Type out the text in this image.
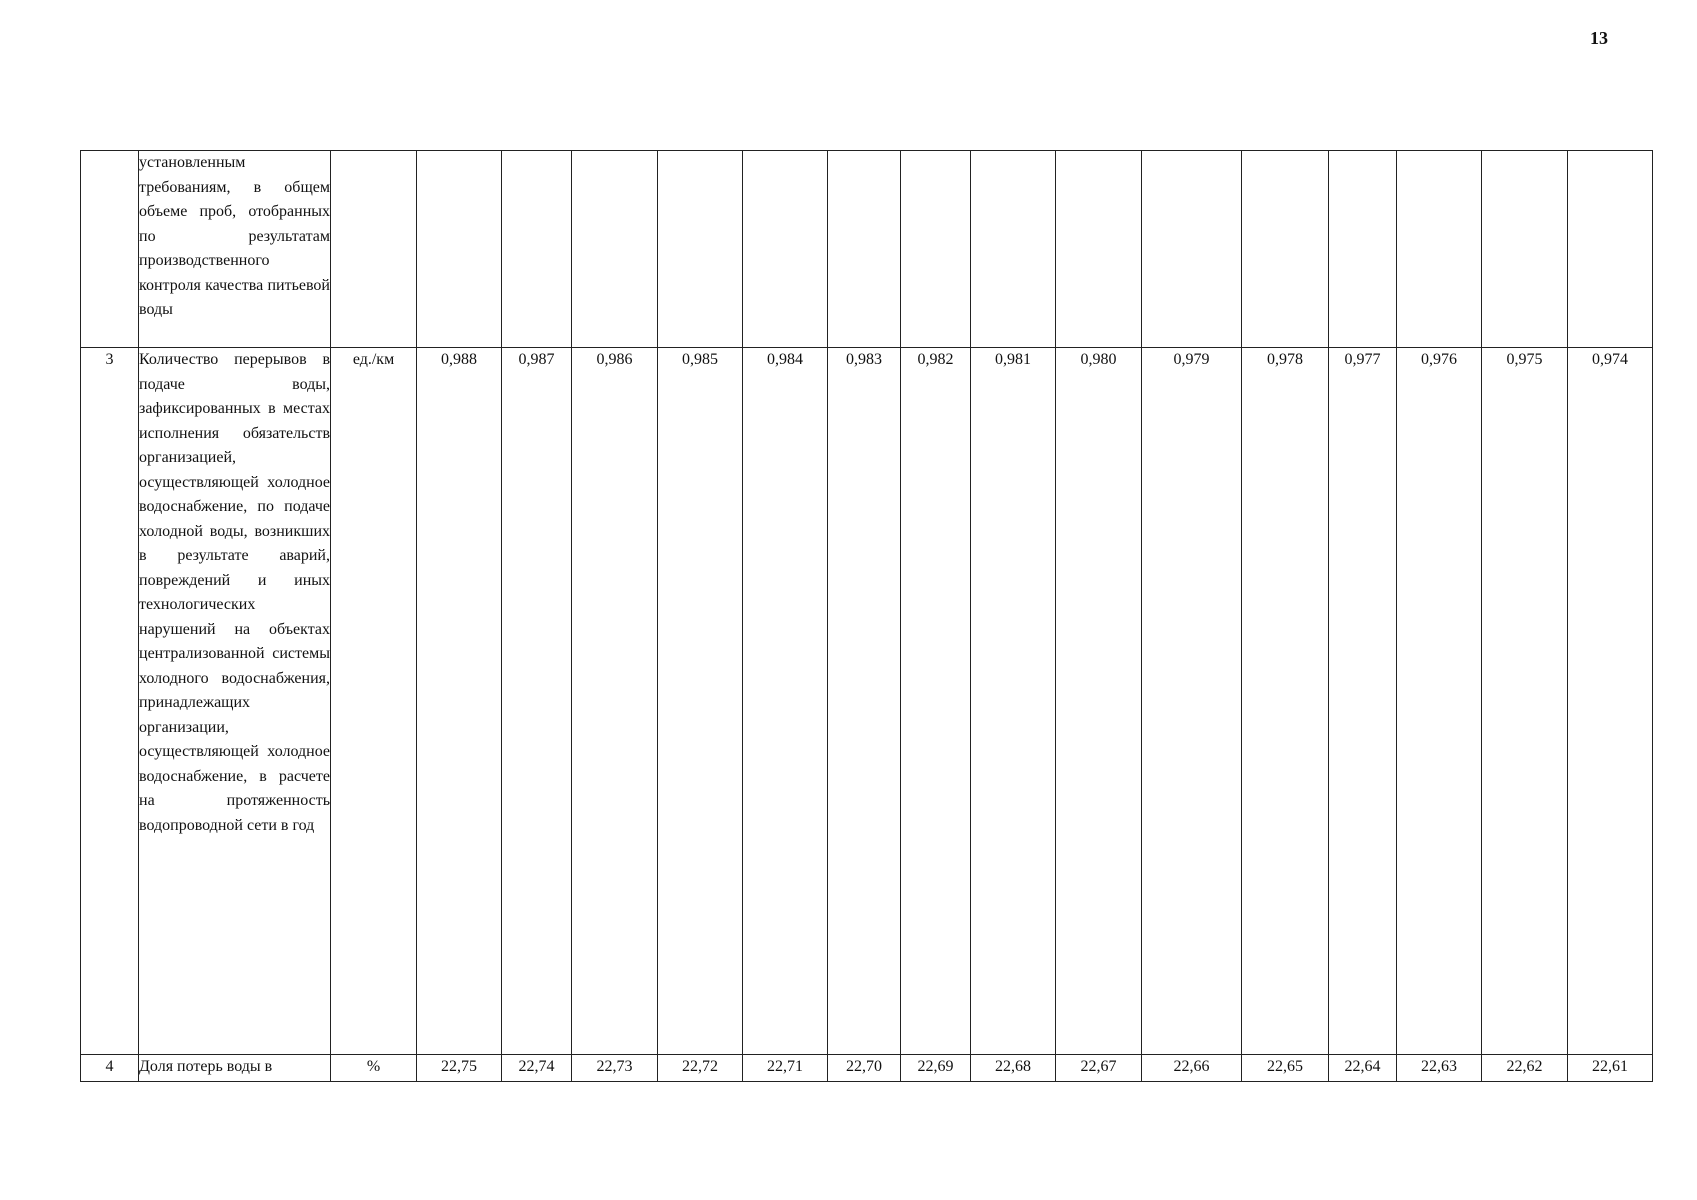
13
	установленным требованиям, в общем объеме проб, отобранных по результатам производственного контроля качества питьевой воды																
3	Количество перерывов в подаче воды, зафиксированных в местах исполнения обязательств организацией, осуществляющей холодное водоснабжение, по подаче холодной воды, возникших в результате аварий, повреждений и иных технологических нарушений на объектах централизованной системы холодного водоснабжения, принадлежащих организации, осуществляющей холодное водоснабжение, в расчете на протяженность водопроводной сети в год	ед./км	0,988	0,987	0,986	0,985	0,984	0,983	0,982	0,981	0,980	0,979	0,978	0,977	0,976	0,975	0,974
4	Доля потерь воды в	%	22,75	22,74	22,73	22,72	22,71	22,70	22,69	22,68	22,67	22,66	22,65	22,64	22,63	22,62	22,61
